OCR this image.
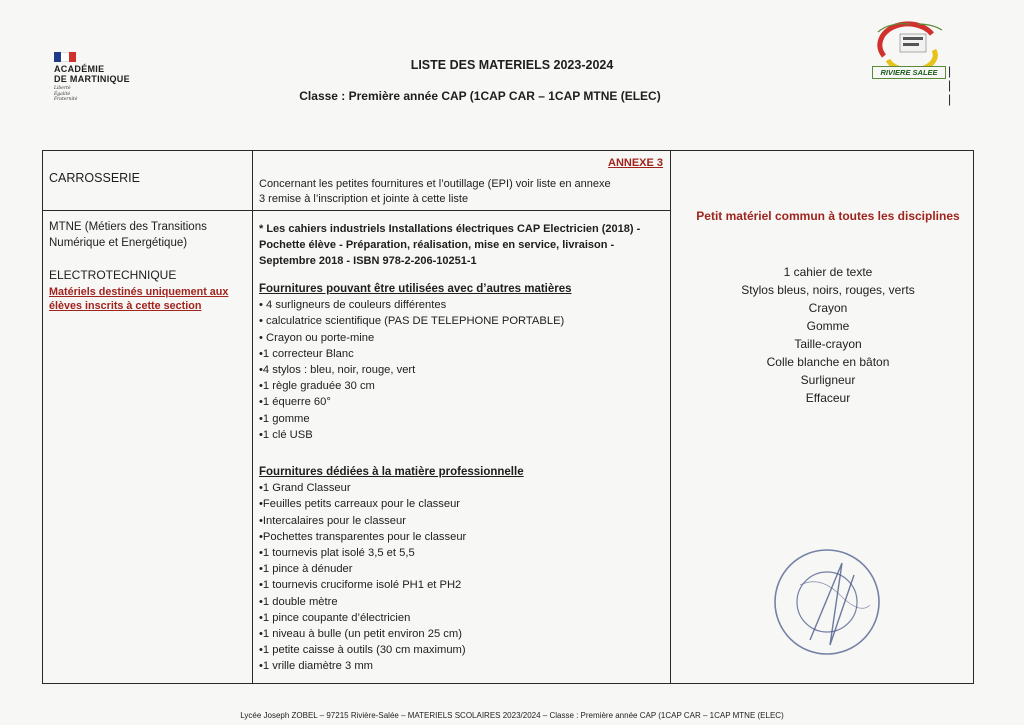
ACADÉMIE
DE MARTINIQUE
Liberté
Égalité
Fraternité
LISTE DES MATERIELS 2023-2024
Classe : Première année CAP (1CAP CAR – 1CAP MTNE (ELEC)
RIVIERE SALEE | | |
CARROSSERIE
MTNE (Métiers des Transitions
Numérique et Energétique)
ELECTROTECHNIQUE
Matériels destinés uniquement aux
élèves inscrits à cette section
ANNEXE 3
Concernant les petites fournitures et l’outillage (EPI) voir liste en annexe
3 remise à l’inscription et jointe à cette liste
* Les cahiers industriels Installations électriques CAP Electricien (2018) -
Pochette élève - Préparation, réalisation, mise en service, livraison -
Septembre 2018 - ISBN 978-2-206-10251-1
Fournitures pouvant être utilisées avec d’autres matières
• 4 surligneurs de couleurs différentes
• calculatrice scientifique (PAS DE TELEPHONE PORTABLE)
• Crayon ou porte-mine
•1 correcteur Blanc
•4 stylos : bleu, noir, rouge, vert
•1 règle graduée 30 cm
•1 équerre 60°
•1 gomme
•1 clé USB
Fournitures dédiées à la matière professionnelle
•1 Grand Classeur
•Feuilles petits carreaux pour le classeur
•Intercalaires pour le classeur
•Pochettes transparentes pour le classeur
•1 tournevis plat isolé 3,5 et 5,5
•1 pince à dénuder
•1 tournevis cruciforme isolé PH1 et PH2
•1 double mètre
•1 pince coupante d’électricien
•1 niveau à bulle (un petit environ 25 cm)
•1 petite caisse à outils (30 cm maximum)
•1 vrille diamètre 3 mm
Petit matériel commun à toutes les disciplines
1 cahier de texte
Stylos bleus, noirs, rouges, verts
Crayon
Gomme
Taille-crayon
Colle blanche en bâton
Surligneur
Effaceur
Lycée Joseph ZOBEL – 97215 Rivière-Salée – MATERIELS SCOLAIRES 2023/2024 – Classe : Première année CAP (1CAP CAR – 1CAP MTNE (ELEC)
